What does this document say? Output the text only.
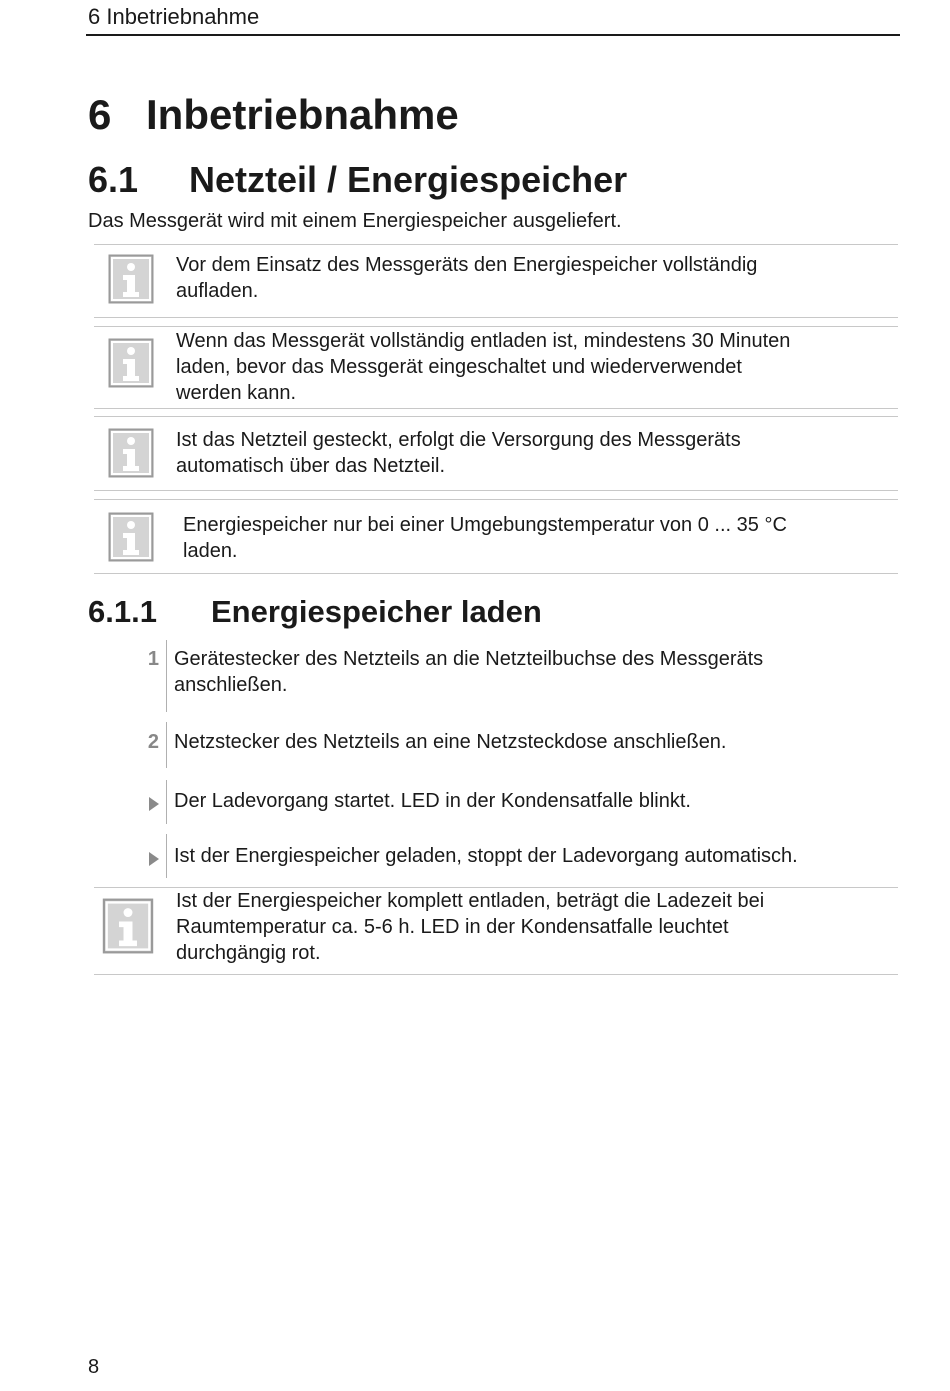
6 Inbetriebnahme
6 Inbetriebnahme
6.1 Netzteil / Energiespeicher
Das Messgerät wird mit einem Energiespeicher ausgeliefert.
Vor dem Einsatz des Messgeräts den Energiespeicher vollständig
aufladen.
Wenn das Messgerät vollständig entladen ist, mindestens 30 Minuten
laden, bevor das Messgerät eingeschaltet und wiederverwendet
werden kann.
Ist das Netzteil gesteckt, erfolgt die Versorgung des Messgeräts
automatisch über das Netzteil.
Energiespeicher nur bei einer Umgebungstemperatur von 0 ... 35 °C
laden.
6.1.1 Energiespeicher laden
1 Gerätestecker des Netzteils an die Netzteilbuchse des Messgeräts
anschließen.
2 Netzstecker des Netzteils an eine Netzsteckdose anschließen.
Der Ladevorgang startet. LED in der Kondensatfalle blinkt.
Ist der Energiespeicher geladen, stoppt der Ladevorgang automatisch.
Ist der Energiespeicher komplett entladen, beträgt die Ladezeit bei
Raumtemperatur ca. 5-6 h. LED in der Kondensatfalle leuchtet
durchgängig rot.
8
